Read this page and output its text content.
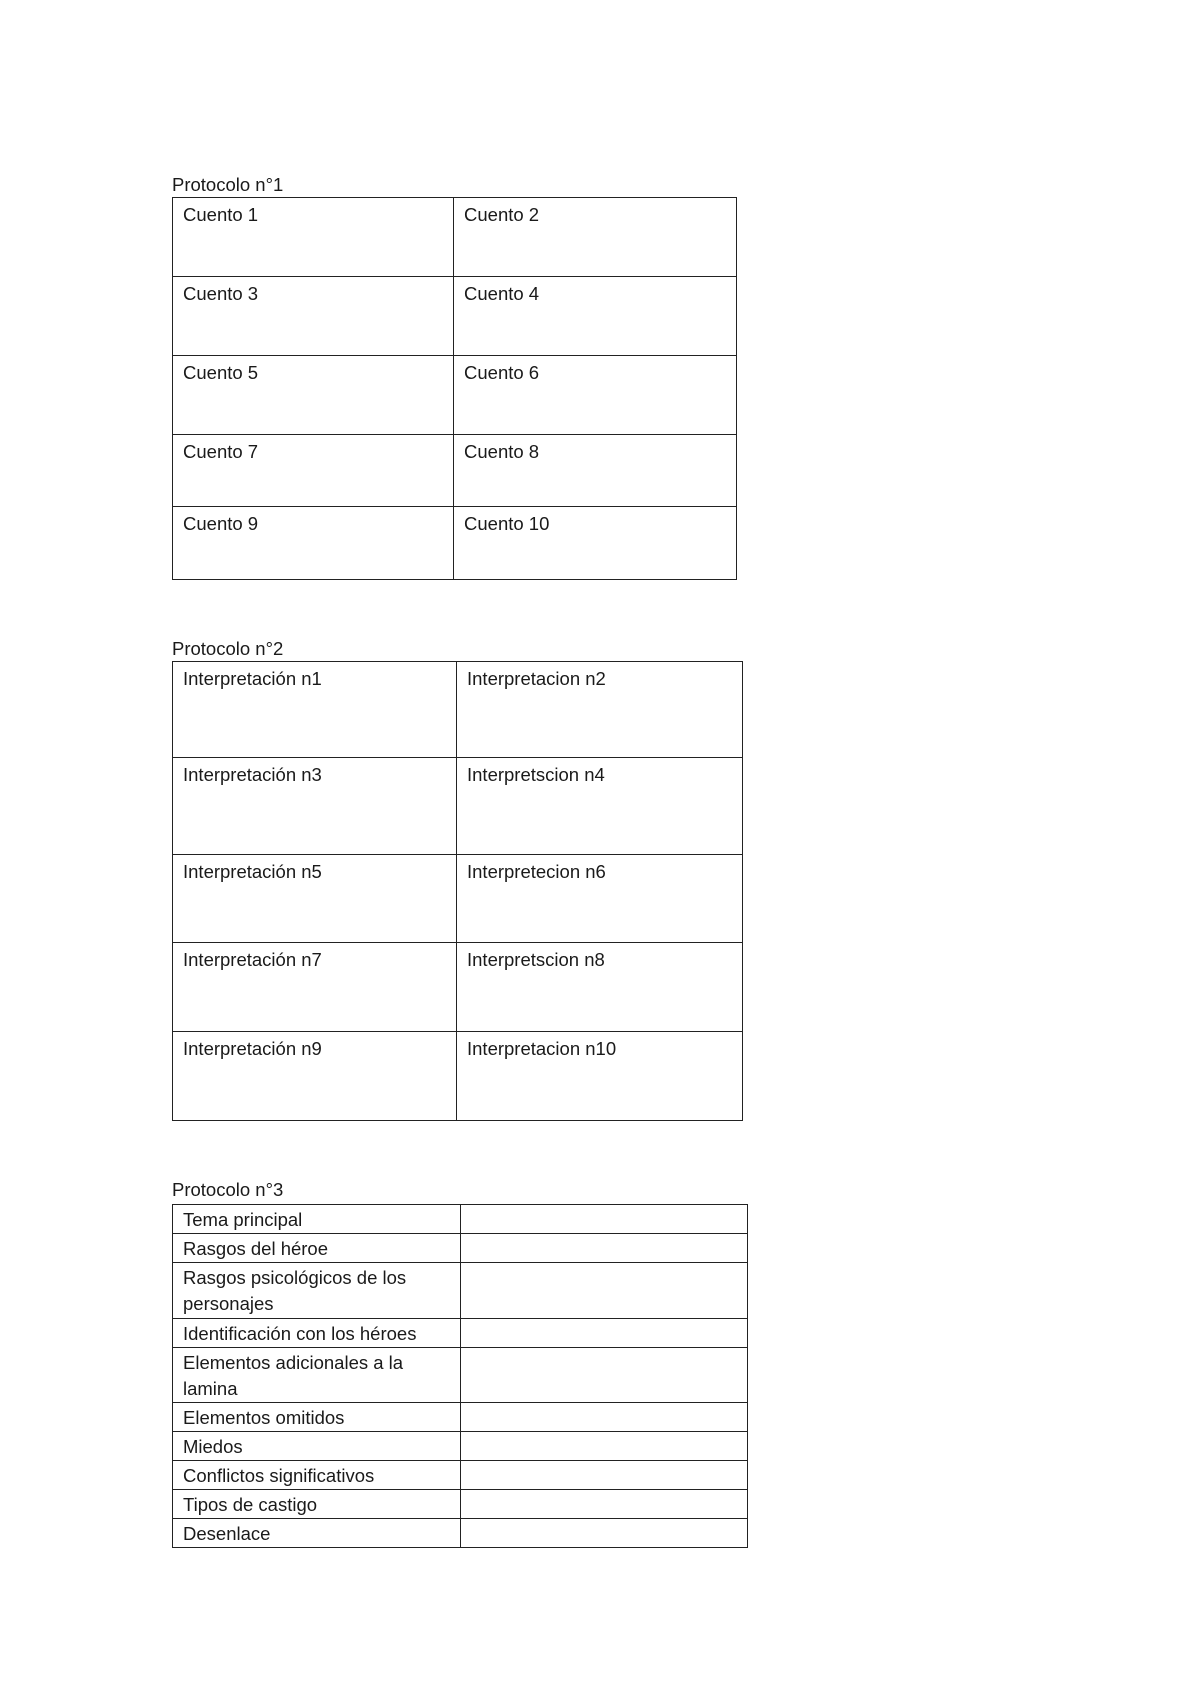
Protocolo n°1
Cuento 1	Cuento 2
Cuento 3	Cuento 4
Cuento 5	Cuento 6
Cuento 7	Cuento 8
Cuento 9	Cuento 10
Protocolo n°2
Interpretación n1	Interpretacion n2
Interpretación n3	Interpretscion n4
Interpretación n5	Interpretecion n6
Interpretación n7	Interpretscion n8
Interpretación n9	Interpretacion n10
Protocolo n°3
Tema principal	
Rasgos del héroe	
Rasgos psicológicos de los personajes	
Identificación con los héroes	
Elementos adicionales a la lamina	
Elementos omitidos	
Miedos	
Conflictos significativos	
Tipos de castigo	
Desenlace	
